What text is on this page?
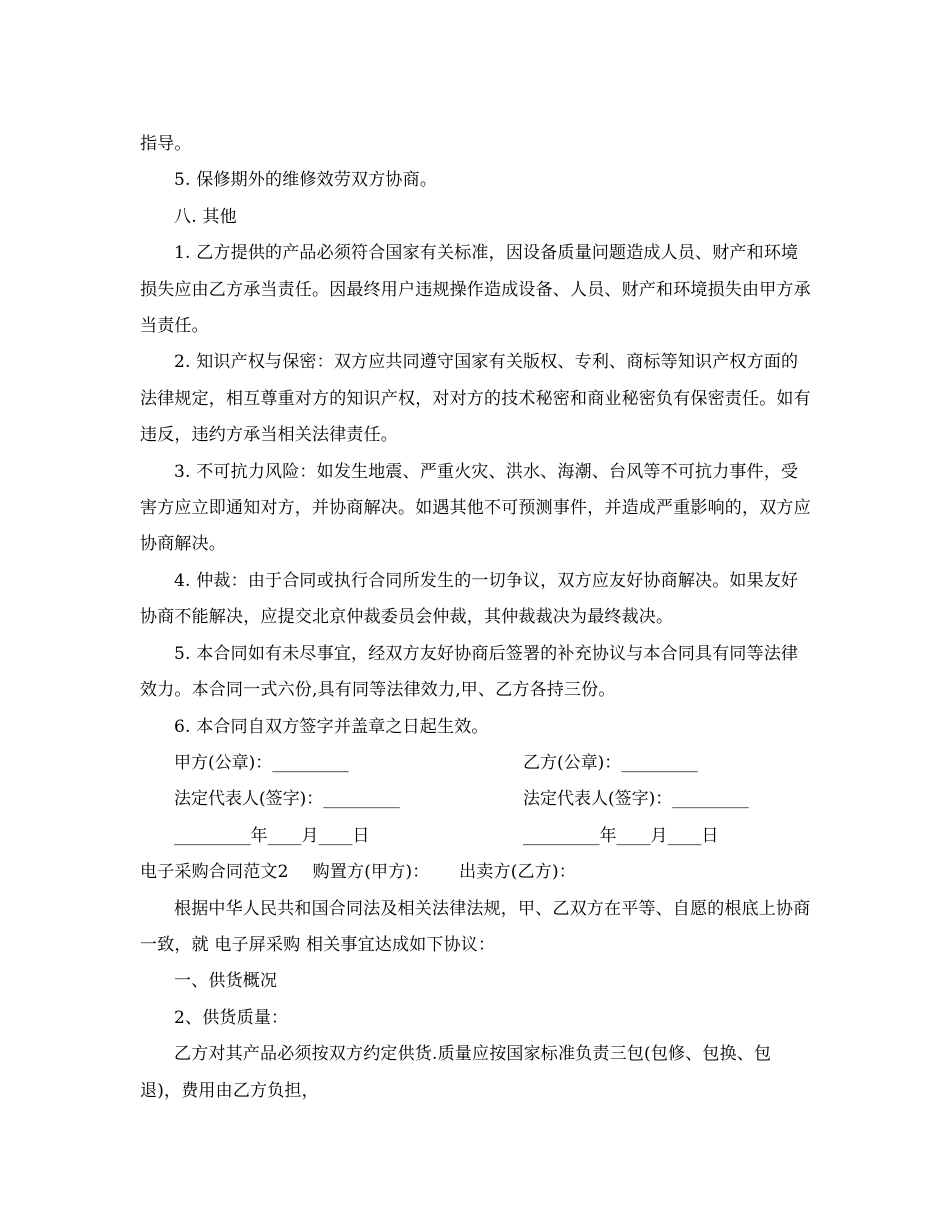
指导。

5. 保修期外的维修效劳双方协商。

八. 其他

1. 乙方提供的产品必须符合国家有关标准，因设备质量问题造成人员、财产和环境损失应由乙方承当责任。因最终用户违规操作造成设备、人员、财产和环境损失由甲方承当责任。

2. 知识产权与保密：双方应共同遵守国家有关版权、专利、商标等知识产权方面的法律规定，相互尊重对方的知识产权，对对方的技术秘密和商业秘密负有保密责任。如有违反，违约方承当相关法律责任。

3. 不可抗力风险：如发生地震、严重火灾、洪水、海潮、台风等不可抗力事件，受害方应立即通知对方，并协商解决。如遇其他不可预测事件，并造成严重影响的，双方应协商解决。

4. 仲裁：由于合同或执行合同所发生的一切争议，双方应友好协商解决。如果友好协商不能解决，应提交北京仲裁委员会仲裁，其仲裁裁决为最终裁决。

5. 本合同如有未尽事宜，经双方友好协商后签署的补充协议与本合同具有同等法律效力。本合同一式六份,具有同等法律效力,甲、乙方各持三份。

6. 本合同自双方签字并盖章之日起生效。

甲方(公章)：_________	乙方(公章)：_________
法定代表人(签字)：_________	法定代表人(签字)：_________
_________年____月____日	_________年____月____日

电子采购合同范文2 购置方(甲方)： 出卖方(乙方)：

根据中华人民共和国合同法及相关法律法规，甲、乙双方在平等、自愿的根底上协商一致，就 电子屏采购 相关事宜达成如下协议：

一、供货概况

2、供货质量：

乙方对其产品必须按双方约定供货.质量应按国家标准负责三包(包修、包换、包退)，费用由乙方负担，
